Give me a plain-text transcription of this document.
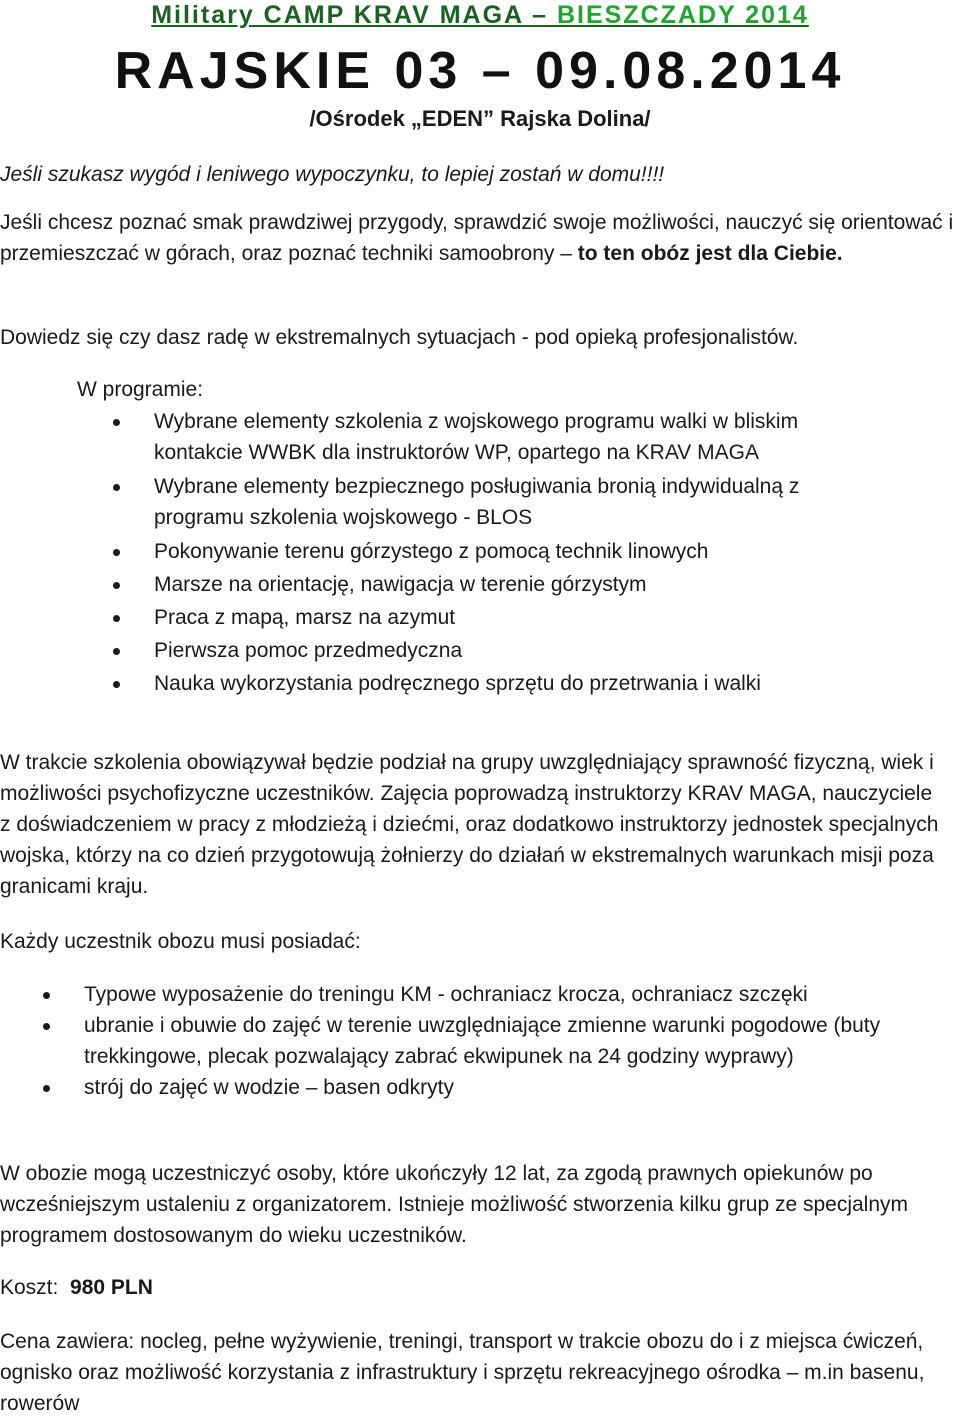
Military CAMP KRAV MAGA – BIESZCZADY 2014
RAJSKIE 03 – 09.08.2014
/Ośrodek „EDEN” Rajska Dolina/

Jeśli szukasz wygód i leniwego wypoczynku, to lepiej zostań w domu!!!!

Jeśli chcesz poznać smak prawdziwej przygody, sprawdzić swoje możliwości, nauczyć się orientować i przemieszczać w górach, oraz poznać techniki samoobrony – to ten obóz jest dla Ciebie.

Dowiedz się czy dasz radę w ekstremalnych sytuacjach - pod opieką profesjonalistów.

W programie:

Wybrane elementy szkolenia z wojskowego programu walki w bliskim kontakcie WWBK dla instruktorów WP, opartego na KRAV MAGA
Wybrane elementy bezpiecznego posługiwania bronią indywidualną z programu szkolenia wojskowego - BLOS
Pokonywanie terenu górzystego z pomocą technik linowych
Marsze na orientację, nawigacja w terenie górzystym
Praca z mapą, marsz na azymut
Pierwsza pomoc przedmedyczna
Nauka wykorzystania podręcznego sprzętu do przetrwania i walki

W trakcie szkolenia obowiązywał będzie podział na grupy uwzględniający sprawność fizyczną, wiek i możliwości psychofizyczne uczestników. Zajęcia poprowadzą instruktorzy KRAV MAGA, nauczyciele z doświadczeniem w pracy z młodzieżą i dziećmi, oraz dodatkowo instruktorzy jednostek specjalnych wojska, którzy na co dzień przygotowują żołnierzy do działań w ekstremalnych warunkach misji poza granicami kraju.

Każdy uczestnik obozu musi posiadać:

Typowe wyposażenie do treningu KM - ochraniacz krocza, ochraniacz szczęki
ubranie i obuwie do zajęć w terenie uwzględniające zmienne warunki pogodowe (buty trekkingowe, plecak pozwalający zabrać ekwipunek na 24 godziny wyprawy)
strój do zajęć w wodzie – basen odkryty

W obozie mogą uczestniczyć osoby, które ukończyły 12 lat, za zgodą prawnych opiekunów po wcześniejszym ustaleniu z organizatorem. Istnieje możliwość stworzenia kilku grup ze specjalnym programem dostosowanym do wieku uczestników.

Koszt: 980 PLN

Cena zawiera: nocleg, pełne wyżywienie, treningi, transport w trakcie obozu do i z miejsca ćwiczeń, ognisko oraz możliwość korzystania z infrastruktury i sprzętu rekreacyjnego ośrodka – m.in basenu, rowerów
